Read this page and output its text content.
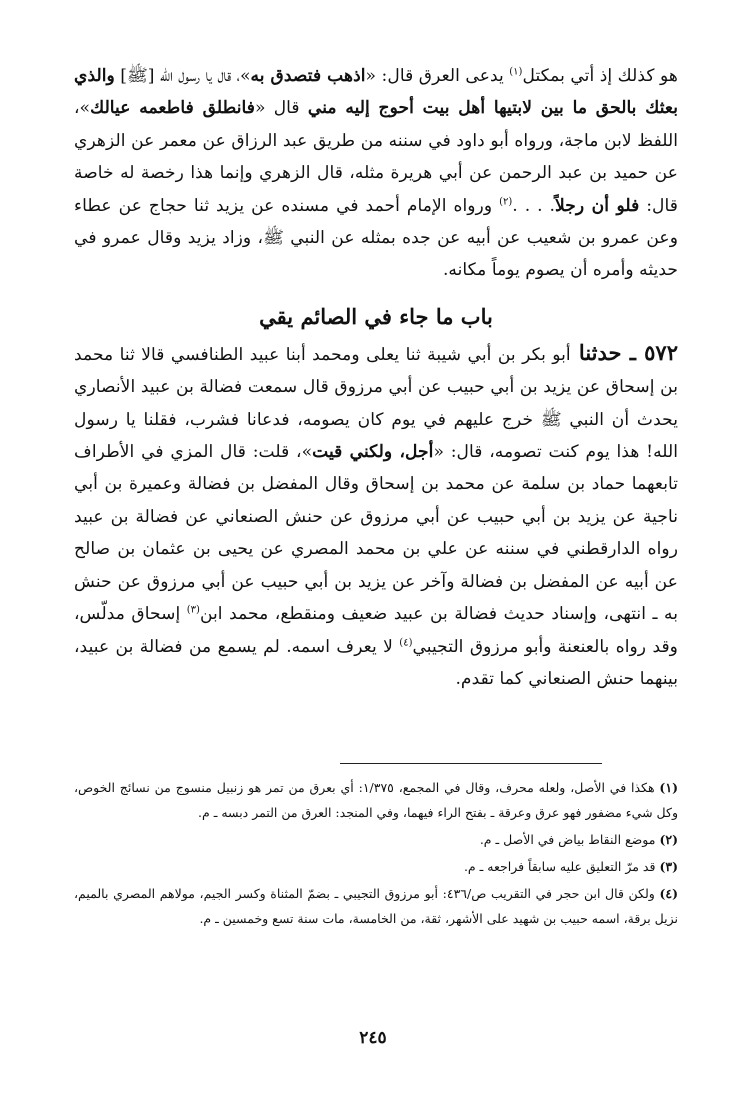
هو كذلك إذ أتي بمكتل$^{(١)}$ يدعى العرق قال: «اذهب فتصدق به»، قال يا رسول الله [ﷺ] والذي بعثك بالحق ما بين لابتيها أهل بيت أحوج إليه مني قال «فانطلق فاطعمه عيالك»، اللفظ لابن ماجة، ورواه أبو داود في سننه من طريق عبد الرزاق عن معمر عن الزهري عن حميد بن عبد الرحمن عن أبي هريرة مثله، قال الزهري وإنما هذا رخصة له خاصة قال: فلو أن رجلاً. . . .$^{(٢)}$ ورواه الإمام أحمد في مسنده عن يزيد ثنا حجاج عن عطاء وعن عمرو بن شعيب عن أبيه عن جده بمثله عن النبي ﷺ، وزاد يزيد وقال عمرو في حديثه وأمره أن يصوم يوماً مكانه.

باب ما جاء في الصائم يقي

٥٧٢ ـ حدثنا أبو بكر بن أبي شيبة ثنا يعلى ومحمد أبنا عبيد الطنافسي قالا ثنا محمد بن إسحاق عن يزيد بن أبي حبيب عن أبي مرزوق قال سمعت فضالة بن عبيد الأنصاري يحدث أن النبي ﷺ خرج عليهم في يوم كان يصومه، فدعانا فشرب، فقلنا يا رسول الله! هذا يوم كنت تصومه، قال: «أجل، ولكني قيت»، قلت: قال المزي في الأطراف تابعهما حماد بن سلمة عن محمد بن إسحاق وقال المفضل بن فضالة وعميرة بن أبي ناجية عن يزيد بن أبي حبيب عن أبي مرزوق عن حنش الصنعاني عن فضالة بن عبيد رواه الدارقطني في سننه عن علي بن محمد المصري عن يحيى بن عثمان بن صالح عن أبيه عن المفضل بن فضالة وآخر عن يزيد بن أبي حبيب عن أبي مرزوق عن حنش به ـ انتهى، وإسناد حديث فضالة بن عبيد ضعيف ومنقطع، محمد ابن$^{(٣)}$ إسحاق مدلّس، وقد رواه بالعنعنة وأبو مرزوق التجيبي$^{(٤)}$ لا يعرف اسمه. لم يسمع من فضالة بن عبيد، بينهما حنش الصنعاني كما تقدم.

(١) هكذا في الأصل، ولعله محرف، وقال في المجمع، ١/٣٧٥: أي بعرق من تمر هو زنبيل منسوج من نسائج الخوص، وكل شيء مضفور فهو عرق وعرقة ـ بفتح الراء فيهما، وفي المنجد: العرق من التمر دبسه ـ م.

(٢) موضع النقاط بياض في الأصل ـ م.

(٣) قد مرّ التعليق عليه سابقاً فراجعه ـ م.

(٤) ولكن قال ابن حجر في التقريب ص/٤٣٦: أبو مرزوق التجيبي ـ بضمّ المثناة وكسر الجيم، مولاهم المصري بالميم، نزيل برقة، اسمه حبيب بن شهيد على الأشهر، ثقة، من الخامسة، مات سنة تسع وخمسين ـ م.

٢٤٥
